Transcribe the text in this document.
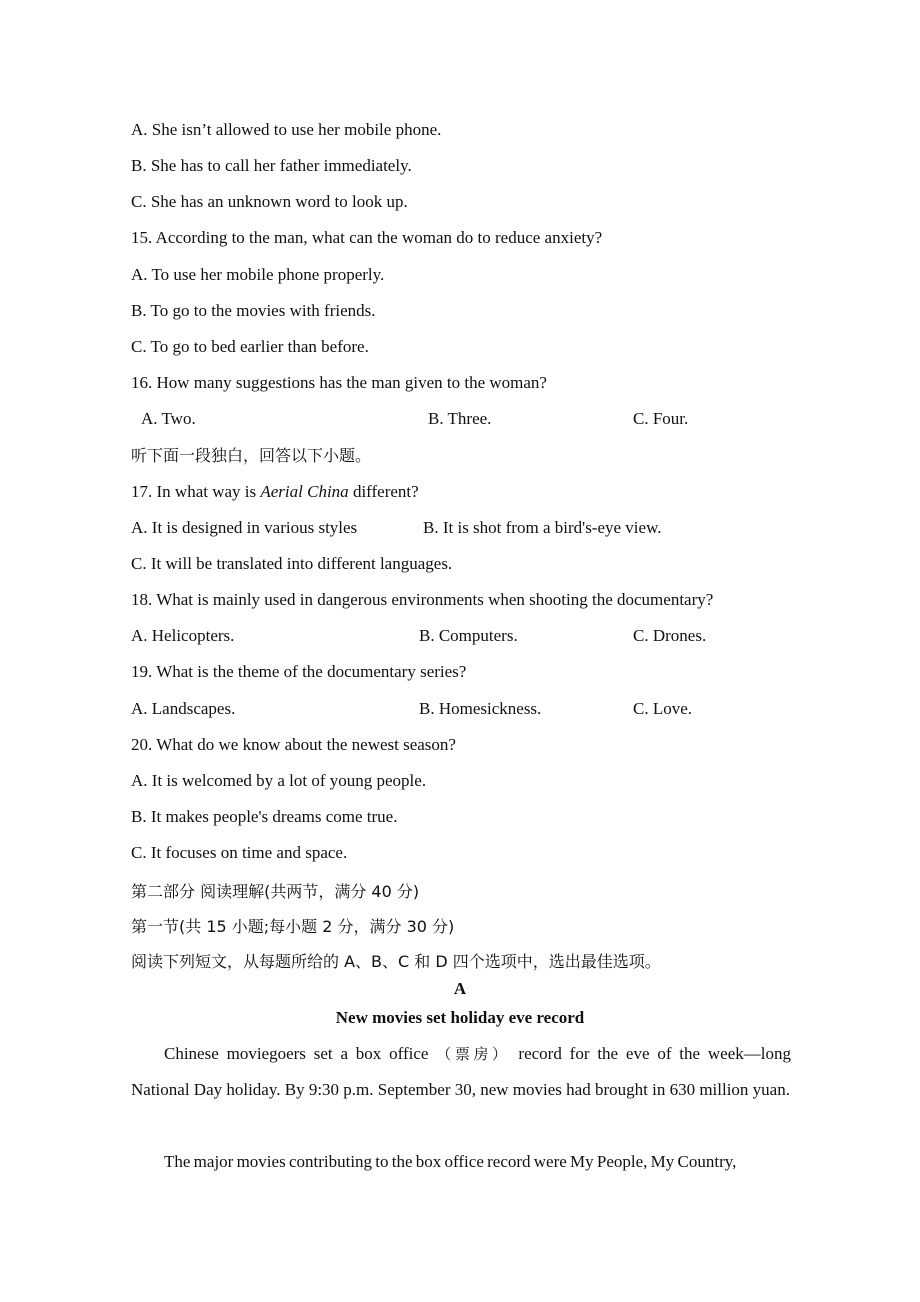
A. She isn’t allowed to use her mobile phone.
B. She has to call her father immediately.
C. She has an unknown word to look up.
15. According to the man, what can the woman do to reduce anxiety?
A. To use her mobile phone properly.
B. To go to the movies with friends.
C. To go to bed earlier than before.
16. How many suggestions has the man given to the woman?
A. Two.	B. Three.	C. Four.
听下面一段独白，回答以下小题。
17. In what way is Aerial China different?
A. It is designed in various styles	B. It is shot from a bird's-eye view.
C. It will be translated into different languages.
18. What is mainly used in dangerous environments when shooting the documentary?
A. Helicopters.	B. Computers.	C. Drones.
19. What is the theme of the documentary series?
A. Landscapes.	B. Homesickness.	C. Love.
20. What do we know about the newest season?
A. It is welcomed by a lot of young people.
B. It makes people's dreams come true.
C. It focuses on time and space.
第二部分 阅读理解(共两节，满分 40 分)
第一节(共 15 小题;每小题 2 分，满分 30 分)
阅读下列短文，从每题所给的 A、B、C 和 D 四个选项中，选出最佳选项。
A
New movies set holiday eve record
Chinese moviegoers set a box office （票房） record for the eve of the week—long National Day holiday. By 9:30 p.m. September 30, new movies had brought in 630 million yuan.
The major movies contributing to the box office record were My People, My Country,
